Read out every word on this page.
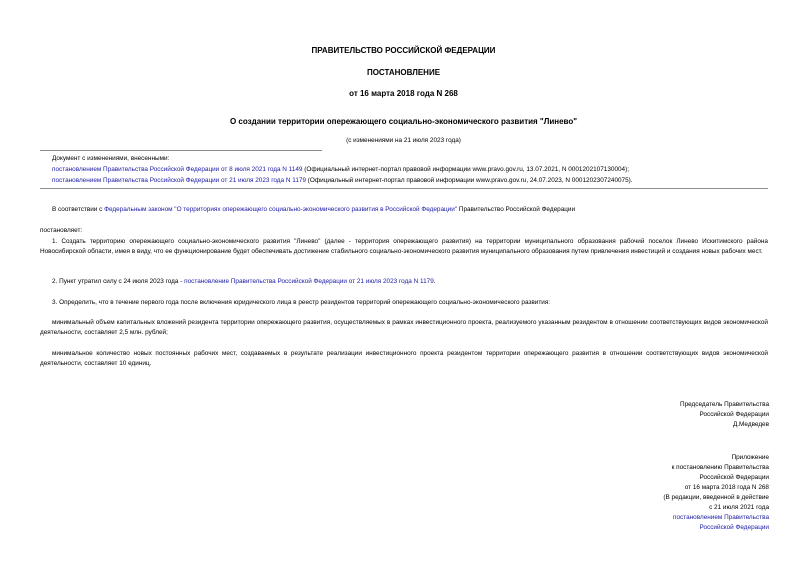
ПРАВИТЕЛЬСТВО РОССИЙСКОЙ ФЕДЕРАЦИИ
ПОСТАНОВЛЕНИЕ
от 16 марта 2018 года N 268
О создании территории опережающего социально-экономического развития "Линево"
(с изменениями на 21 июля 2023 года)
Документ с изменениями, внесенными:
постановлением Правительства Российской Федерации от 8 июля 2021 года N 1149 (Официальный интернет-портал правовой информации www.pravo.gov.ru, 13.07.2021, N 0001202107130004);
постановлением Правительства Российской Федерации от 21 июля 2023 года N 1179 (Официальный интернет-портал правовой информации www.pravo.gov.ru, 24.07.2023, N 0001202307240075).
В соответствии с Федеральным законом "О территориях опережающего социально-экономического развития в Российской Федерации" Правительство Российской Федерации
постановляет:
1. Создать территорию опережающего социально-экономического развития "Линево" (далее - территория опережающего развития) на территории муниципального образования рабочий поселок Линево Искитимского района Новосибирской области, имея в виду, что ее функционирование будет обеспечивать достижение стабильного социально-экономического развития муниципального образования путем привлечения инвестиций и создания новых рабочих мест.
2. Пункт утратил силу с 24 июля 2023 года - постановление Правительства Российской Федерации от 21 июля 2023 года N 1179.
3. Определить, что в течение первого года после включения юридического лица в реестр резидентов территорий опережающего социально-экономического развития:
минимальный объем капитальных вложений резидента территории опережающего развития, осуществляемых в рамках инвестиционного проекта, реализуемого указанным резидентом в отношении соответствующих видов экономической деятельности, составляет 2,5 млн. рублей;
минимальное количество новых постоянных рабочих мест, создаваемых в результате реализации инвестиционного проекта резидентом территории опережающего развития в отношении соответствующих видов экономической деятельности, составляет 10 единиц.
Председатель Правительства
Российской Федерации
Д.Медведев
Приложение
к постановлению Правительства
Российской Федерации
от 16 марта 2018 года N 268
(В редакции, введенной в действие
с 21 июля 2021 года
постановлением Правительства
Российской Федерации
